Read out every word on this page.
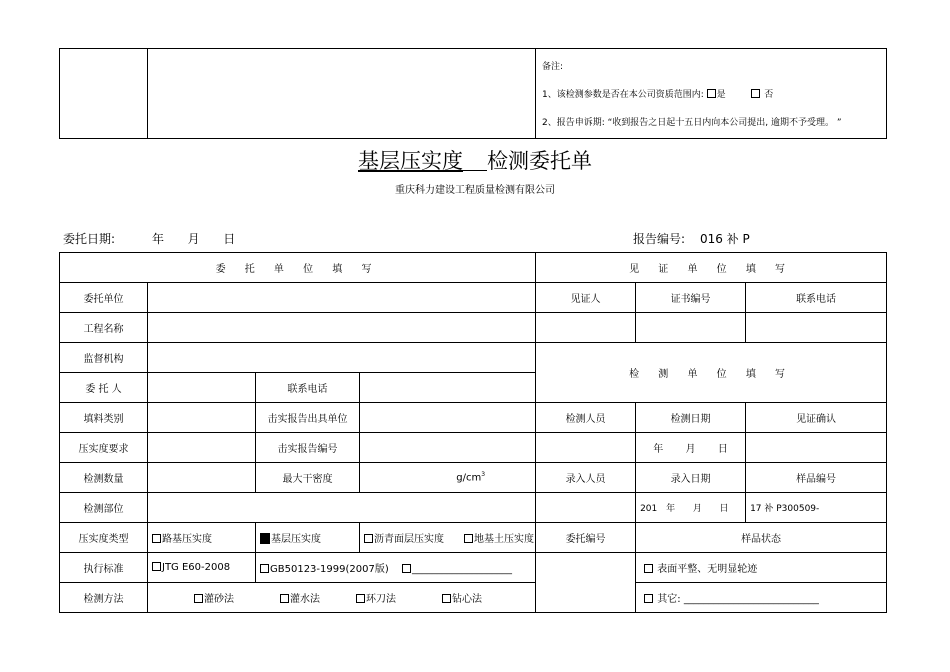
备注:
1、该检测参数是否在本公司资质范围内: 是	否
2、报告申诉期: “收到报告之日起十五日内向本公司提出, 逾期不予受理。 ”
基层压实度 检测委托单
重庆科力建设工程质量检测有限公司
委托日期:	年  月  日	报告编号: 016 补 P
委 托 单 位 填 写				见 证 单 位 填 写		
委托单位				见证人	证书编号	联系电话
工程名称						
监督机构				检 测 单 位 填 写		
委 托 人		联系电话				
填料类别		击实报告出具单位		检测人员	检测日期	见证确认
压实度要求		击实报告编号			年  月  日	
检测数量		最大干密度	$g/cm^3$	录入人员	录入日期	样品编号
检测部位					201 年  月  日	17 补 P300509-
压实度类型	路基压实度	基层压实度	沥青面层压实度 地基土压实度	委托编号	样品状态	
执行标准	JTG E60-2008	GB50123-1999(2007版) ____________________			表面平整、无明显轮迹	
检测方法	灌砂法 灌水法 环刀法 钻心法				其它: ___________________________	
